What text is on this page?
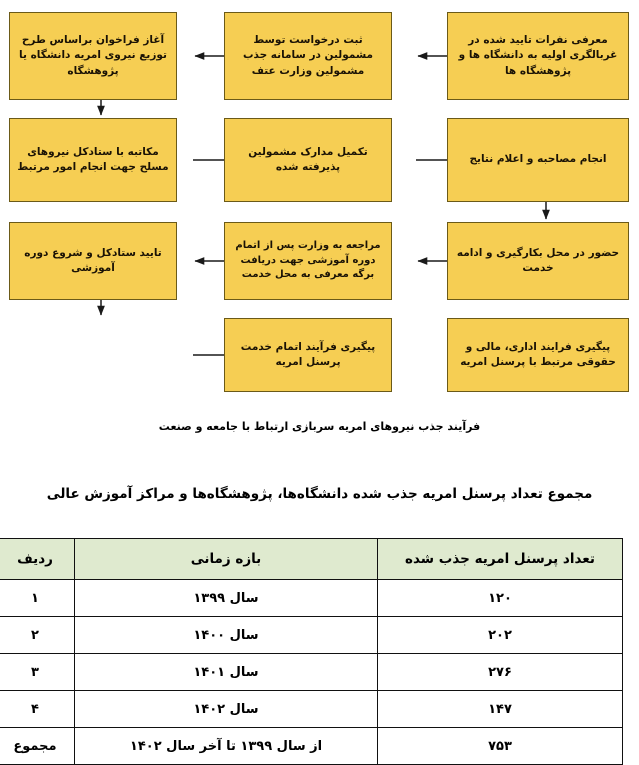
آغاز فراخوان براساس طرح توزیع نیروی امریه دانشگاه یا پژوهشگاه
ثبت درخواست توسط مشمولین در سامانه جذب مشمولین وزارت عتف
معرفی نفرات تایید شده در غربالگری اولیه به دانشگاه ها و پژوهشگاه ها
مکاتبه با ستادکل نیروهای مسلح جهت انجام امور مرتبط
تکمیل مدارک مشمولین پذیرفته شده
انجام مصاحبه و اعلام نتایج
تایید ستادکل و شروع دوره آموزشی
مراجعه به وزارت پس از اتمام دوره آموزشی جهت دریافت برگه معرفی به محل خدمت
حضور در محل بکارگیری و ادامه خدمت
پیگیری فرآیند اتمام خدمت پرسنل امریه
پیگیری فرایند اداری، مالی و حقوقی مرتبط با پرسنل امریه
فرآیند جذب نیروهای امریه سربازی ارتباط با جامعه و صنعت
مجموع تعداد پرسنل امریه جذب شده دانشگاه‌ها، پژوهشگاه‌ها و مراکز آموزش عالی
تعداد پرسنل امریه جذب شده	بازه زمانی	ردیف
۱۲۰	سال ۱۳۹۹	۱
۲۰۲	سال ۱۴۰۰	۲
۲۷۶	سال ۱۴۰۱	۳
۱۴۷	سال ۱۴۰۲	۴
۷۵۳	از سال ۱۳۹۹ تا آخر سال ۱۴۰۲	مجموع
